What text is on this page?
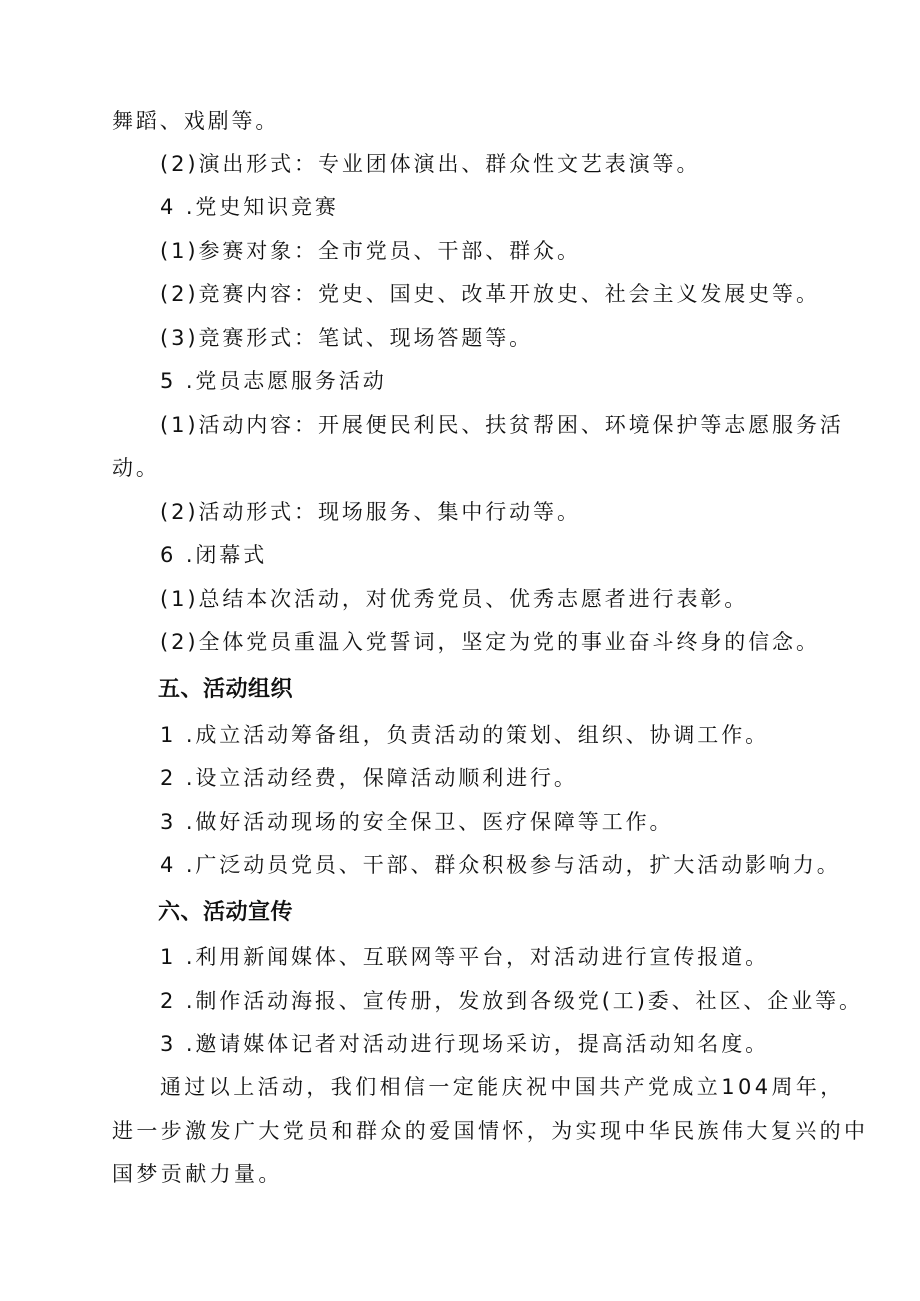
舞蹈、戏剧等。
(2)演出形式：专业团体演出、群众性文艺表演等。
4 .党史知识竞赛
(1)参赛对象：全市党员、干部、群众。
(2)竞赛内容：党史、国史、改革开放史、社会主义发展史等。
(3)竞赛形式：笔试、现场答题等。
5 .党员志愿服务活动
(1)活动内容：开展便民利民、扶贫帮困、环境保护等志愿服务活
动。
(2)活动形式：现场服务、集中行动等。
6 .闭幕式
(1)总结本次活动，对优秀党员、优秀志愿者进行表彰。
(2)全体党员重温入党誓词，坚定为党的事业奋斗终身的信念。
五、活动组织
1 .成立活动筹备组，负责活动的策划、组织、协调工作。
2 .设立活动经费，保障活动顺利进行。
3 .做好活动现场的安全保卫、医疗保障等工作。
4 .广泛动员党员、干部、群众积极参与活动，扩大活动影响力。
六、活动宣传
1 .利用新闻媒体、互联网等平台，对活动进行宣传报道。
2 .制作活动海报、宣传册，发放到各级党(工)委、社区、企业等。
3 .邀请媒体记者对活动进行现场采访，提高活动知名度。
通过以上活动，我们相信一定能庆祝中国共产党成立104周年，
进一步激发广大党员和群众的爱国情怀，为实现中华民族伟大复兴的中
国梦贡献力量。
